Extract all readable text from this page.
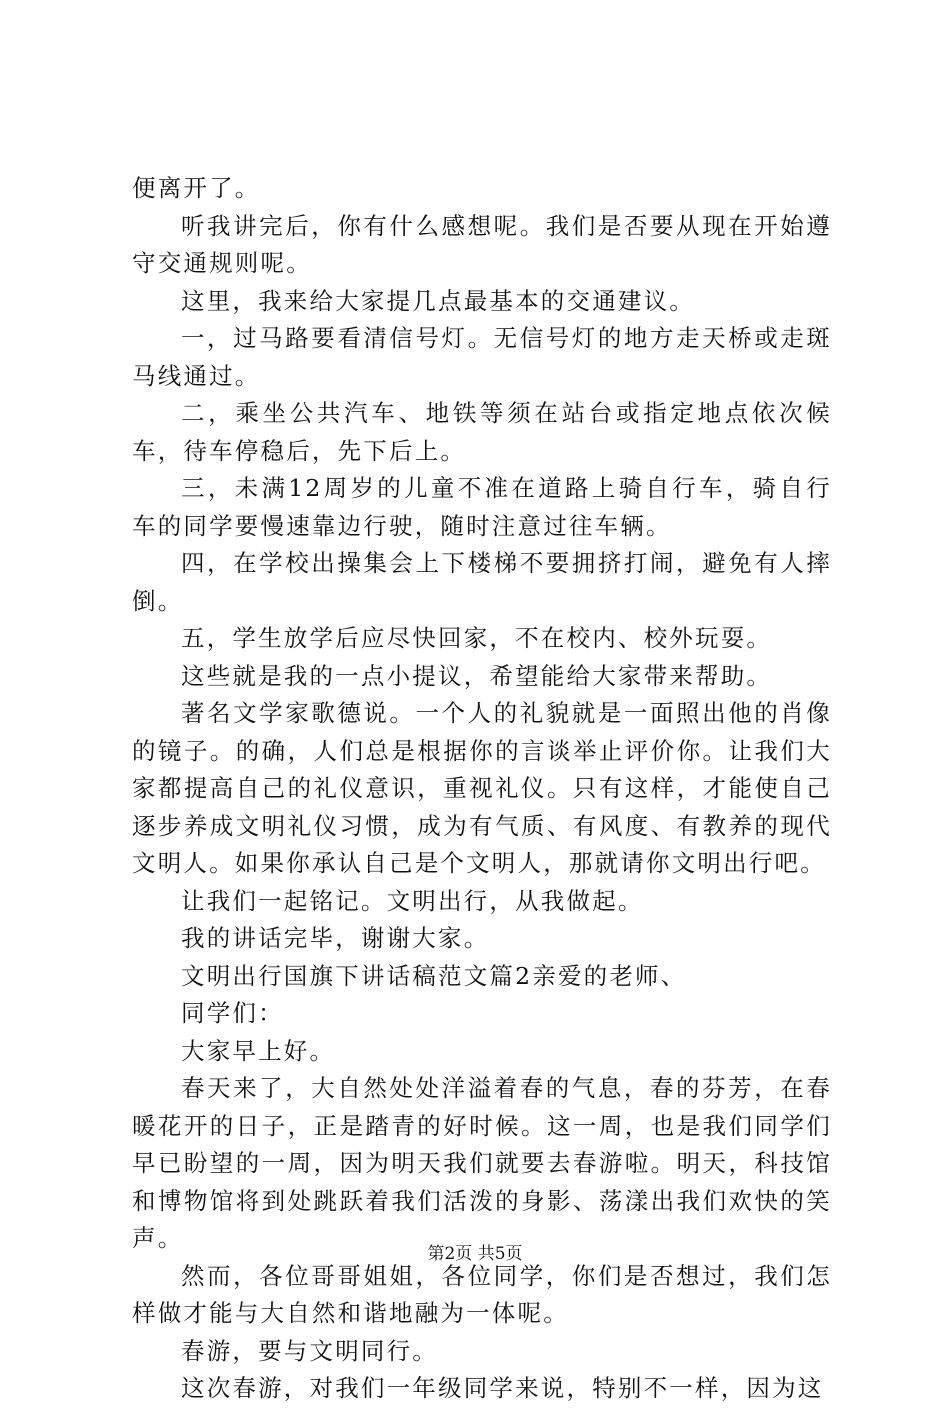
便离开了。

听我讲完后，你有什么感想呢。我们是否要从现在开始遵守交通规则呢。

这里，我来给大家提几点最基本的交通建议。

一，过马路要看清信号灯。无信号灯的地方走天桥或走斑马线通过。

二，乘坐公共汽车、地铁等须在站台或指定地点依次候车，待车停稳后，先下后上。

三，未满12周岁的儿童不准在道路上骑自行车，骑自行车的同学要慢速靠边行驶，随时注意过往车辆。

四，在学校出操集会上下楼梯不要拥挤打闹，避免有人摔倒。

五，学生放学后应尽快回家，不在校内、校外玩耍。

这些就是我的一点小提议，希望能给大家带来帮助。

著名文学家歌德说。一个人的礼貌就是一面照出他的肖像的镜子。的确，人们总是根据你的言谈举止评价你。让我们大家都提高自己的礼仪意识，重视礼仪。只有这样，才能使自己逐步养成文明礼仪习惯，成为有气质、有风度、有教养的现代文明人。如果你承认自己是个文明人，那就请你文明出行吧。

让我们一起铭记。文明出行，从我做起。

我的讲话完毕，谢谢大家。

文明出行国旗下讲话稿范文篇2亲爱的老师、

同学们：

大家早上好。

春天来了，大自然处处洋溢着春的气息，春的芬芳，在春暖花开的日子，正是踏青的好时候。这一周，也是我们同学们早已盼望的一周，因为明天我们就要去春游啦。明天，科技馆和博物馆将到处跳跃着我们活泼的身影、荡漾出我们欢快的笑声。

然而，各位哥哥姐姐，各位同学，你们是否想过，我们怎样做才能与大自然和谐地融为一体呢。

春游，要与文明同行。

这次春游，对我们一年级同学来说，特别不一样，因为这

第2页 共5页
